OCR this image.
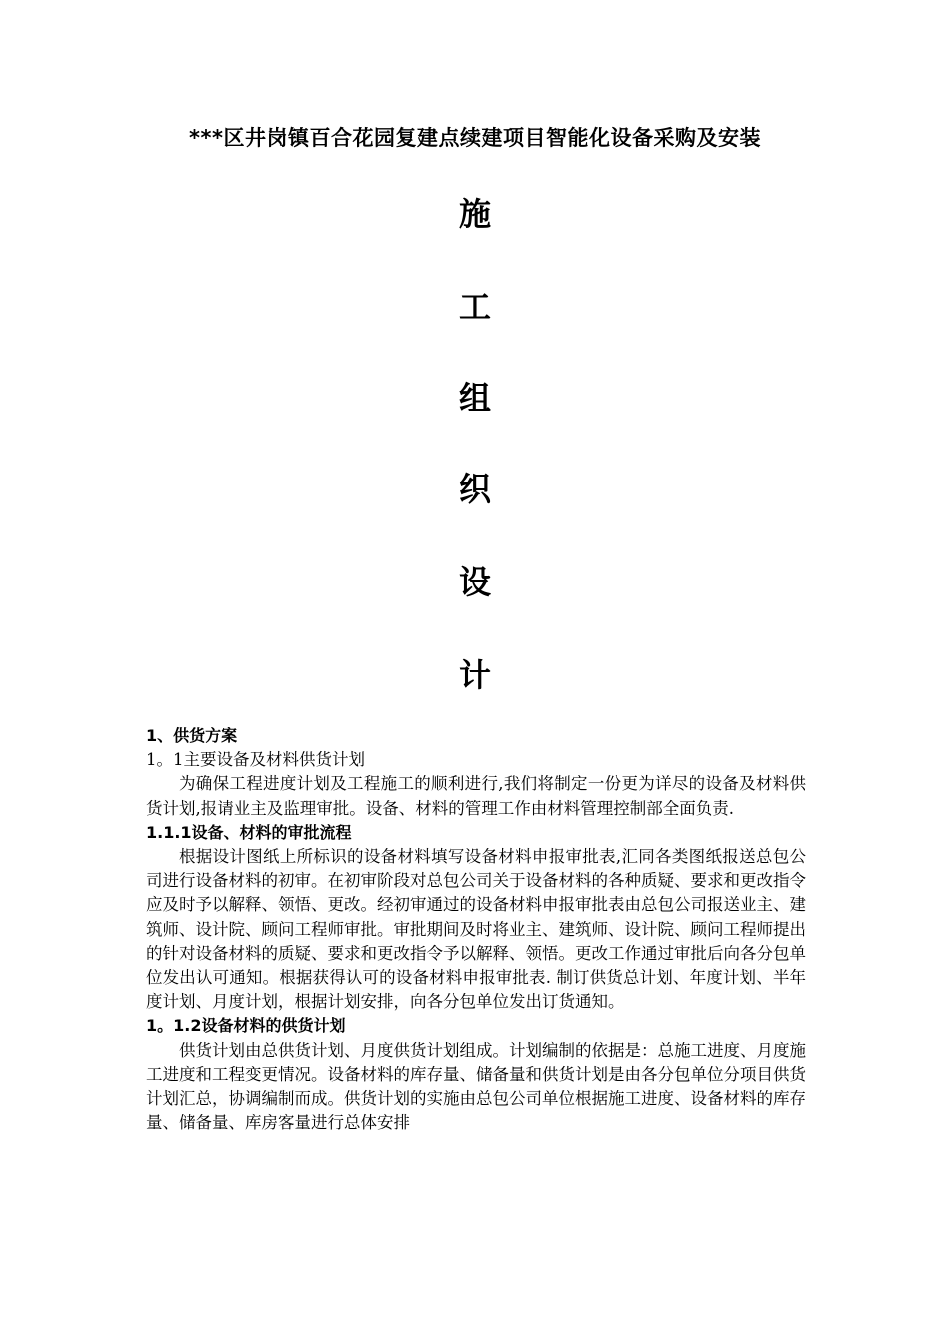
***区井岗镇百合花园复建点续建项目智能化设备采购及安装
施
工
组
织
设
计

1、供货方案

1。1主要设备及材料供货计划

为确保工程进度计划及工程施工的顺利进行,我们将制定一份更为详尽的设备及材料供货计划,报请业主及监理审批。设备、材料的管理工作由材料管理控制部全面负责.

1.1.1设备、材料的审批流程

根据设计图纸上所标识的设备材料填写设备材料申报审批表,汇同各类图纸报送总包公司进行设备材料的初审。在初审阶段对总包公司关于设备材料的各种质疑、要求和更改指令应及时予以解释、领悟、更改。经初审通过的设备材料申报审批表由总包公司报送业主、建筑师、设计院、顾问工程师审批。审批期间及时将业主、建筑师、设计院、顾问工程师提出的针对设备材料的质疑、要求和更改指令予以解释、领悟。更改工作通过审批后向各分包单位发出认可通知。根据获得认可的设备材料申报审批表. 制订供货总计划、年度计划、半年度计划、月度计划，根据计划安排，向各分包单位发出订货通知。

1。1.2设备材料的供货计划

供货计划由总供货计划、月度供货计划组成。计划编制的依据是：总施工进度、月度施工进度和工程变更情况。设备材料的库存量、储备量和供货计划是由各分包单位分项目供货计划汇总，协调编制而成。供货计划的实施由总包公司单位根据施工进度、设备材料的库存量、储备量、库房客量进行总体安排
